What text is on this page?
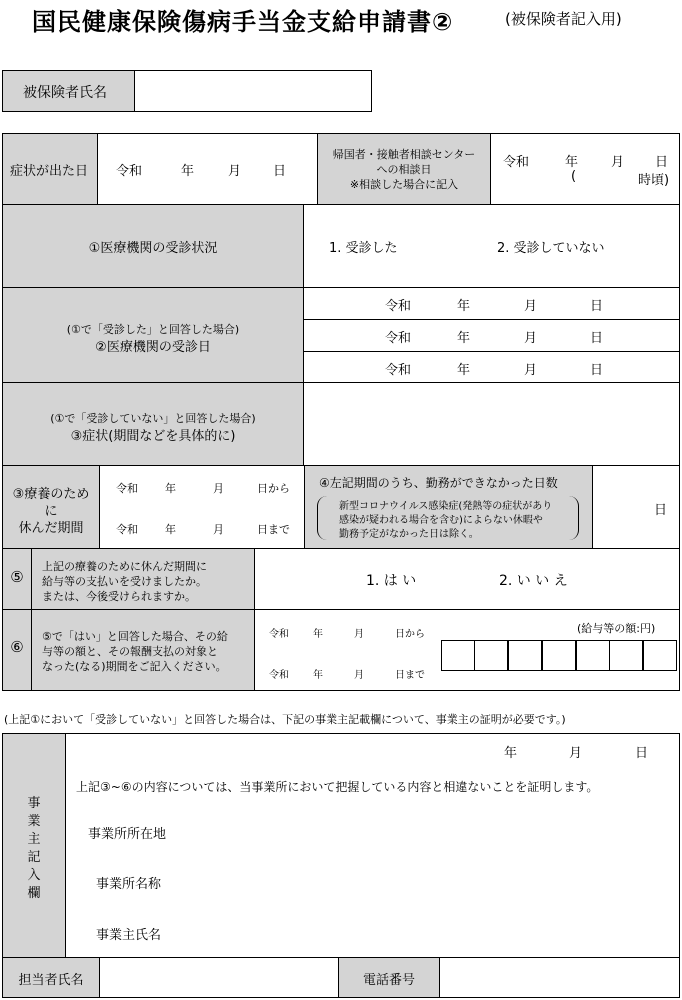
国民健康保険傷病手当金支給申請書②	(被保険者記入用)
被保険者氏名
症状が出た日 令和	年	月 日
帰国者・接触者相談センター
への相談日
※相談した場合に記入
令和	年	月 日
(	時頃)
①医療機関の受診状況	1. 受診した	2. 受診していない
(①で「受診した」と回答した場合)
②医療機関の受診日
令和	年	月	日
令和	年	月	日
令和	年	月	日
(①で「受診していない」と回答した場合)
③症状(期間などを具体的に)
③療養のため
に
休んだ期間
令和 年	月	日から
令和 年	月	日まで
④左記期間のうち、勤務ができなかった日数
新型コロナウイルス感染症(発熱等の症状があり
感染が疑われる場合を含む)によらない休暇や
勤務予定がなかった日は除く。
日
⑤
上記の療養のために休んだ期間に
給与等の支払いを受けましたか。
または、今後受けられますか。
1. は い	2. い い え
⑥
⑤で「はい」と回答した場合、その給
与等の額と、その報酬支払の対象と
なった(なる)期間をご記入ください。
令和 年	月	日から
令和 年	月	日まで
(給与等の額:円)
(上記①において「受診していない」と回答した場合は、下記の事業主記載欄について、事業主の証明が必要です。)
事
業
主
記
入
欄
年	月	日
上記③~⑥の内容については、当事業所において把握している内容と相違ないことを証明します。
事業所所在地
事業所名称
事業主氏名
担当者氏名	電話番号
